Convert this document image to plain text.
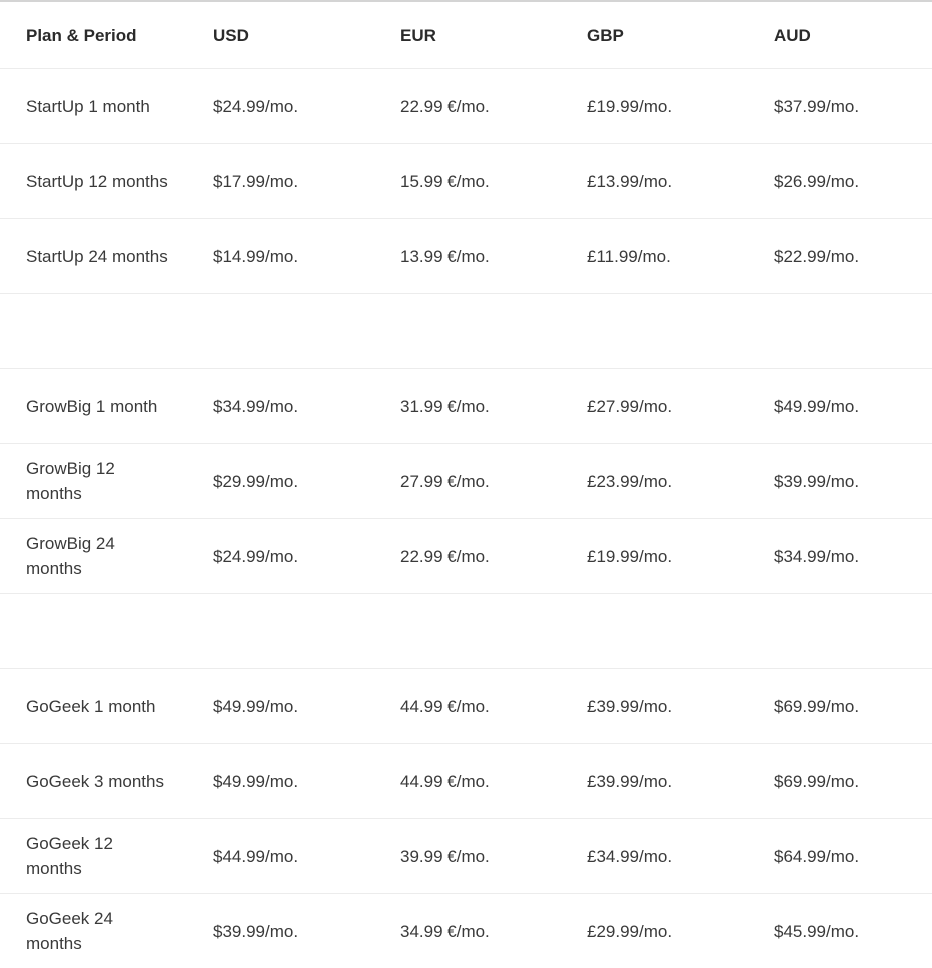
Plan & Period	USD	EUR	GBP	AUD
StartUp 1 month	$24.99/mo.	22.99 €/mo.	£19.99/mo.	$37.99/mo.
StartUp 12 months	$17.99/mo.	15.99 €/mo.	£13.99/mo.	$26.99/mo.
StartUp 24 months	$14.99/mo.	13.99 €/mo.	£11.99/mo.	$22.99/mo.

GrowBig 1 month	$34.99/mo.	31.99 €/mo.	£27.99/mo.	$49.99/mo.
GrowBig 12 months	$29.99/mo.	27.99 €/mo.	£23.99/mo.	$39.99/mo.
GrowBig 24 months	$24.99/mo.	22.99 €/mo.	£19.99/mo.	$34.99/mo.

GoGeek 1 month	$49.99/mo.	44.99 €/mo.	£39.99/mo.	$69.99/mo.
GoGeek 3 months	$49.99/mo.	44.99 €/mo.	£39.99/mo.	$69.99/mo.
GoGeek 12 months	$44.99/mo.	39.99 €/mo.	£34.99/mo.	$64.99/mo.
GoGeek 24 months	$39.99/mo.	34.99 €/mo.	£29.99/mo.	$45.99/mo.
